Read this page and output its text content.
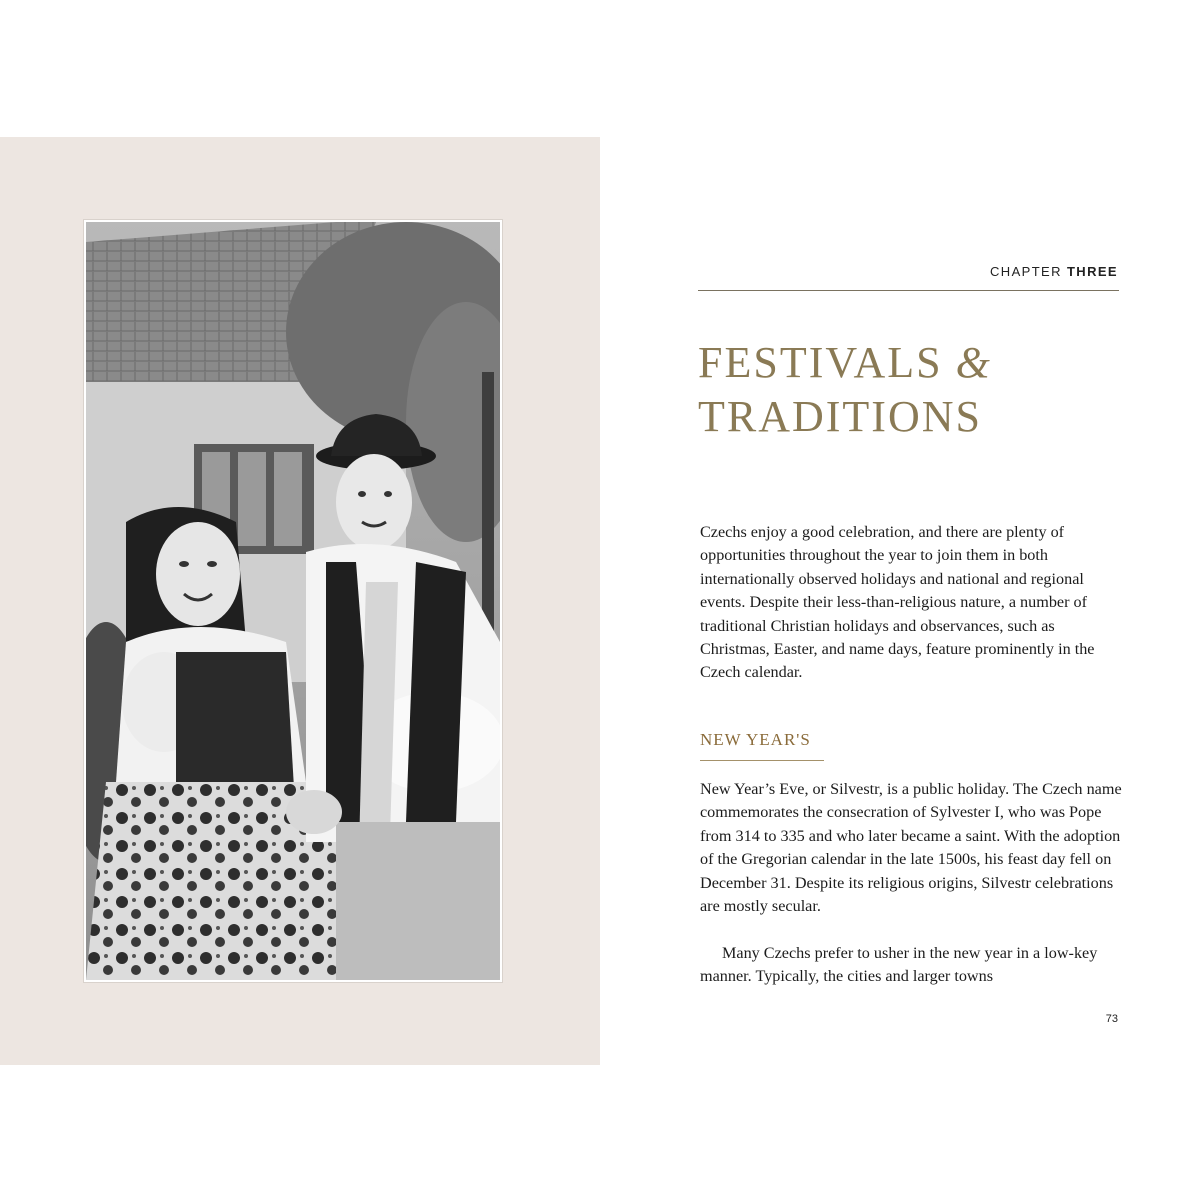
CHAPTER THREE
FESTIVALS &
TRADITIONS

Czechs enjoy a good celebration, and there are plenty of opportunities throughout the year to join them in both internationally observed holidays and national and regional events. Despite their less-than-religious nature, a number of traditional Christian holidays and observances, such as Christmas, Easter, and name days, feature prominently in the Czech calendar.

NEW YEAR'S

New Year’s Eve, or Silvestr, is a public holiday. The Czech name commemorates the consecration of Sylvester I, who was Pope from 314 to 335 and who later became a saint. With the adoption of the Gregorian calendar in the late 1500s, his feast day fell on December 31. Despite its religious origins, Silvestr celebrations are mostly secular.

Many Czechs prefer to usher in the new year in a low-key manner. Typically, the cities and larger towns

73
